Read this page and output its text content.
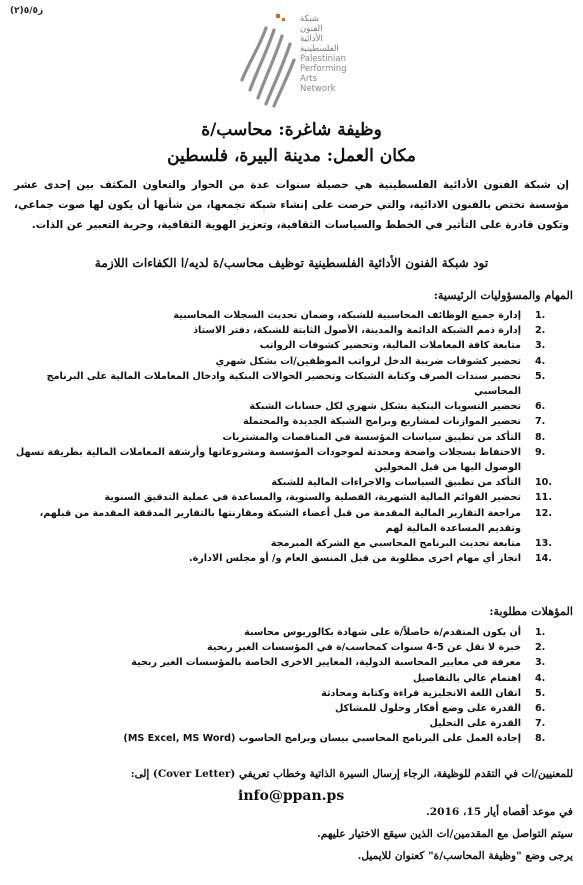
ز٥/٥(٢)
شبكة
الفنون
الأدائية
الفلسطينية
Palestinian
Performing
Arts
Network
وظيفة شاغرة: محاسب/ة
مكان العمل: مدينة البيرة، فلسطين
إن شبكة الفنون الأدائية الفلسطينية هي حصيلة سنوات عدة من الحوار والتعاون المكثف بين إحدى عشر مؤسسة تختص بالفنون الادائية، والتي حرصت على إنشاء شبكة تجمعها، من شأنها أن يكون لها صوت جماعي، وتكون قادرة على التأثير في الخطط والسياسات الثقافية، وتعزيز الهوية الثقافية، وحرية التعبير عن الذات.
تود شبكة الفنون الأدائية الفلسطينية توظيف محاسب/ة لديه/ا الكفاءات اللازمة
المهام والمسؤوليات الرئيسية:
1.
إدارة جميع الوظائف المحاسبية للشبكة، وضمان تحديث السجلات المحاسبية
2.
إدارة ذمم الشبكة الدائمة والمدينة، الأصول الثابتة للشبكة، دفتر الاستاذ
3.
متابعة كافة المعاملات المالية، وتحضير كشوفات الرواتب
4.
تحضير كشوفات ضريبة الدخل لرواتب الموظفين/ات بشكل شهري
5.
تحضير سندات الصرف وكتابة الشيكات وتحضير الحوالات البنكية وادخال المعاملات المالية على البرنامج المحاسبي
6.
تحضير التسويات البنكية بشكل شهري لكل حسابات الشبكة
7.
تحضير الموازنات لمشاريع وبرامج الشبكة الجديدة والمحتملة
8.
التأكد من تطبيق سياسات المؤسسة في المناقصات والمشتريات
9.
الاحتفاظ بسجلات واضحة ومحدثة لموجودات المؤسسة ومشروعاتها وأرشفة المعاملات المالية بطريقة تسهل الوصول اليها من قبل المخولين
10.
التأكد من تطبيق السياسات والاجراءات المالية للشبكة
11.
تحضير القوائم المالية الشهرية، الفصلية والسنوية، والمساعدة في عملية التدقيق السنوية
12.
مراجعة التقارير المالية المقدمة من قبل أعضاء الشبكة ومقارنتها بالتقارير المدققة المقدمة من قبلهم، وتقديم المساعدة المالية لهم
13.
متابعة تحديث البرنامج المحاسبي مع الشركة المبرمجة
14.
انجاز أي مهام اخرى مطلوبة من قبل المنسق العام و/ أو مجلس الادارة.
المؤهلات مطلوبة:
1.
أن يكون المتقدم/ة حاصلاً/ة على شهادة بكالوريوس محاسبة
2.
خبرة لا تقل عن 5-4 سنوات كمحاسب/ة في المؤسسات الغير ربحية
3.
معرفة في معايير المحاسبة الدولية، المعايير الاخرى الخاصة بالمؤسسات الغير ربحية
4.
اهتمام عالي بالتفاصيل
5.
اتقان اللغة الانجليزية قراءة وكتابة ومحادثة
6.
القدرة على وضع أفكار وحلول للمشاكل
7.
القدرة على التحليل
8.
إجادة العمل على البرنامج المحاسبي بيسان وبرامج الحاسوب (MS Excel, MS Word)
للمعنيين/ات في التقدم للوظيفة، الرجاء إرسال السيرة الذاتية وخطاب تعريفي (Cover Letter) إلى:
info@ppan.ps
في موعد أقصاه أيار 15، 2016.
سيتم التواصل مع المقدمين/ات الذين سيقع الاختيار عليهم.
يرجى وضع "وظيفة المحاسب/ة" كعنوان للايميل.
